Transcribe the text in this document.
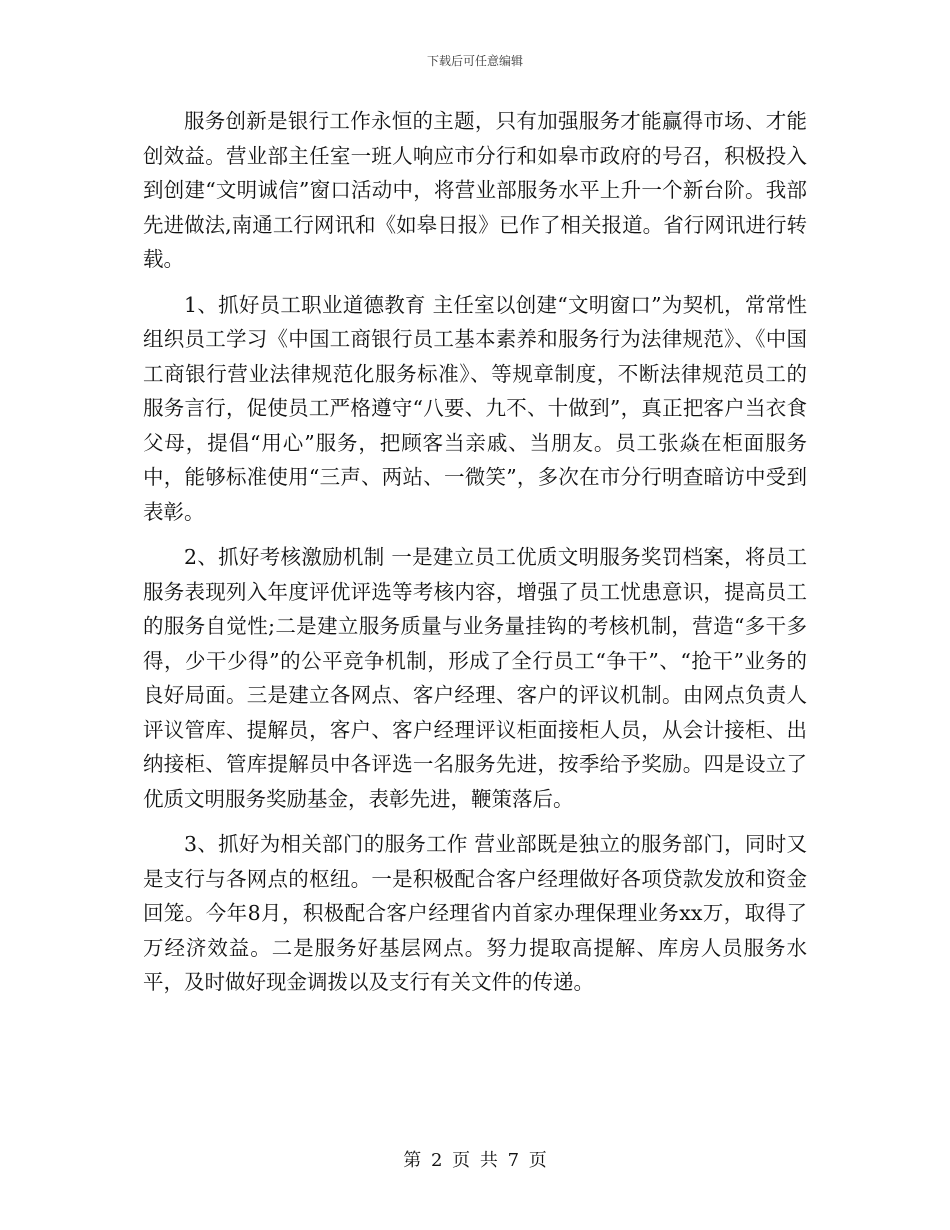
下载后可任意编辑

服务创新是银行工作永恒的主题，只有加强服务才能赢得市场、才能创效益。营业部主任室一班人响应市分行和如皋市政府的号召，积极投入到创建“文明诚信”窗口活动中，将营业部服务水平上升一个新台阶。我部先进做法,南通工行网讯和《如皋日报》已作了相关报道。省行网讯进行转载。

1、抓好员工职业道德教育 主任室以创建“文明窗口”为契机，常常性组织员工学习《中国工商银行员工基本素养和服务行为法律规范》、《中国工商银行营业法律规范化服务标准》、等规章制度，不断法律规范员工的服务言行，促使员工严格遵守“八要、九不、十做到”，真正把客户当衣食父母，提倡“用心”服务，把顾客当亲戚、当朋友。员工张焱在柜面服务中，能够标准使用“三声、两站、一微笑”，多次在市分行明查暗访中受到表彰。

2、抓好考核激励机制 一是建立员工优质文明服务奖罚档案，将员工服务表现列入年度评优评选等考核内容，增强了员工忧患意识，提高员工的服务自觉性;二是建立服务质量与业务量挂钩的考核机制，营造“多干多得，少干少得”的公平竞争机制，形成了全行员工“争干”、“抢干”业务的良好局面。三是建立各网点、客户经理、客户的评议机制。由网点负责人评议管库、提解员，客户、客户经理评议柜面接柜人员，从会计接柜、出纳接柜、管库提解员中各评选一名服务先进，按季给予奖励。四是设立了优质文明服务奖励基金，表彰先进，鞭策落后。

3、抓好为相关部门的服务工作 营业部既是独立的服务部门，同时又是支行与各网点的枢纽。一是积极配合客户经理做好各项贷款发放和资金回笼。今年8月，积极配合客户经理省内首家办理保理业务xx万，取得了 万经济效益。二是服务好基层网点。努力提取高提解、库房人员服务水平，及时做好现金调拨以及支行有关文件的传递。

第 2 页 共 7 页
